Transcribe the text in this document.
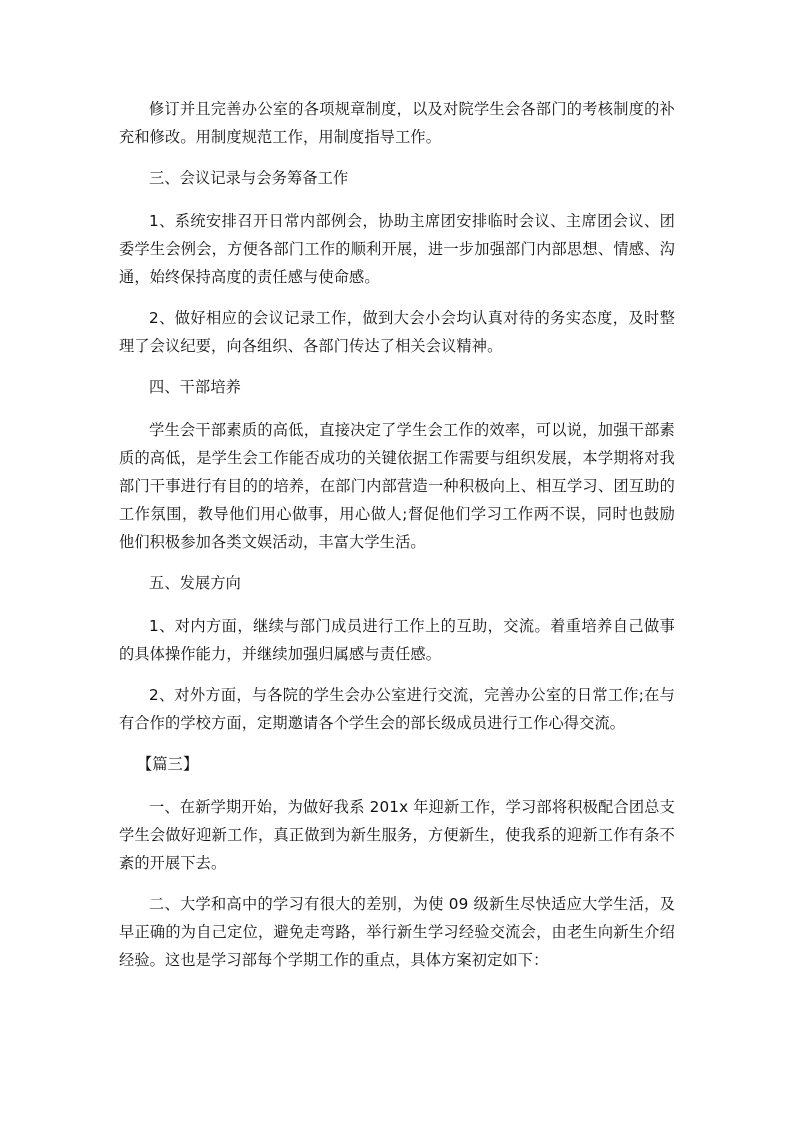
修订并且完善办公室的各项规章制度，以及对院学生会各部门的考核制度的补充和修改。用制度规范工作，用制度指导工作。

三、会议记录与会务筹备工作

1、系统安排召开日常内部例会，协助主席团安排临时会议、主席团会议、团委学生会例会，方便各部门工作的顺利开展，进一步加强部门内部思想、情感、沟通，始终保持高度的责任感与使命感。

2、做好相应的会议记录工作，做到大会小会均认真对待的务实态度，及时整理了会议纪要，向各组织、各部门传达了相关会议精神。

四、干部培养

学生会干部素质的高低，直接决定了学生会工作的效率，可以说，加强干部素质的高低，是学生会工作能否成功的关键依据工作需要与组织发展，本学期将对我部门干事进行有目的的培养，在部门内部营造一种积极向上、相互学习、团互助的工作氛围，教导他们用心做事，用心做人;督促他们学习工作两不误，同时也鼓励他们积极参加各类文娱活动，丰富大学生活。

五、发展方向

1、对内方面，继续与部门成员进行工作上的互助，交流。着重培养自己做事的具体操作能力，并继续加强归属感与责任感。

2、对外方面，与各院的学生会办公室进行交流，完善办公室的日常工作;在与有合作的学校方面，定期邀请各个学生会的部长级成员进行工作心得交流。

【篇三】

一、在新学期开始，为做好我系 201x 年迎新工作，学习部将积极配合团总支学生会做好迎新工作，真正做到为新生服务，方便新生，使我系的迎新工作有条不紊的开展下去。

二、大学和高中的学习有很大的差别，为使 09 级新生尽快适应大学生活，及早正确的为自己定位，避免走弯路，举行新生学习经验交流会，由老生向新生介绍经验。这也是学习部每个学期工作的重点，具体方案初定如下：
